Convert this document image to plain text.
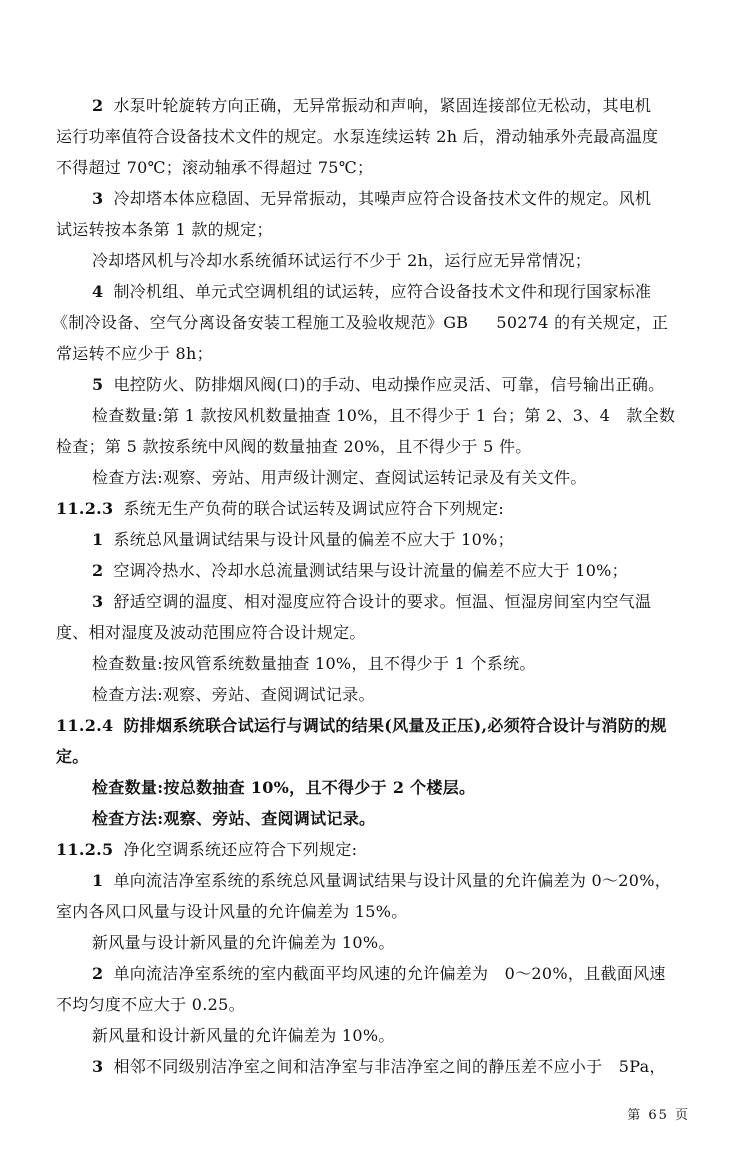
2 水泵叶轮旋转方向正确，无异常振动和声响，紧固连接部位无松动，其电机
运行功率值符合设备技术文件的规定。水泵连续运转 2h 后，滑动轴承外壳最高温度
不得超过 70℃；滚动轴承不得超过 75℃；
3 冷却塔本体应稳固、无异常振动，其噪声应符合设备技术文件的规定。风机
试运转按本条第 1 款的规定；
冷却塔风机与冷却水系统循环试运行不少于 2h，运行应无异常情况；
4 制冷机组、单元式空调机组的试运转，应符合设备技术文件和现行国家标准
《制冷设备、空气分离设备安装工程施工及验收规范》GB 50274 的有关规定，正
常运转不应少于 8h；
5 电控防火、防排烟风阀(口)的手动、电动操作应灵活、可靠，信号输出正确。
检查数量:第 1 款按风机数量抽查 10%，且不得少于 1 台；第 2、3、4　款全数
检查；第 5 款按系统中风阀的数量抽查 20%，且不得少于 5 件。
检查方法:观察、旁站、用声级计测定、查阅试运转记录及有关文件。
11.2.3 系统无生产负荷的联合试运转及调试应符合下列规定:
1 系统总风量调试结果与设计风量的偏差不应大于 10%；
2 空调冷热水、冷却水总流量测试结果与设计流量的偏差不应大于 10%；
3 舒适空调的温度、相对湿度应符合设计的要求。恒温、恒湿房间室内空气温
度、相对湿度及波动范围应符合设计规定。
检查数量:按风管系统数量抽查 10%，且不得少于 1 个系统。
检查方法:观察、旁站、查阅调试记录。
11.2.4 防排烟系统联合试运行与调试的结果(风量及正压),必须符合设计与消防的规
定。
检查数量:按总数抽查 10%，且不得少于 2 个楼层。
检查方法:观察、旁站、查阅调试记录。
11.2.5 净化空调系统还应符合下列规定:
1 单向流洁净室系统的系统总风量调试结果与设计风量的允许偏差为 0～20%，
室内各风口风量与设计风量的允许偏差为 15%。
新风量与设计新风量的允许偏差为 10%。
2 单向流洁净室系统的室内截面平均风速的允许偏差为　0～20%，且截面风速
不均匀度不应大于 0.25。
新风量和设计新风量的允许偏差为 10%。
3 相邻不同级别洁净室之间和洁净室与非洁净室之间的静压差不应小于　5Pa，
第 65 页
